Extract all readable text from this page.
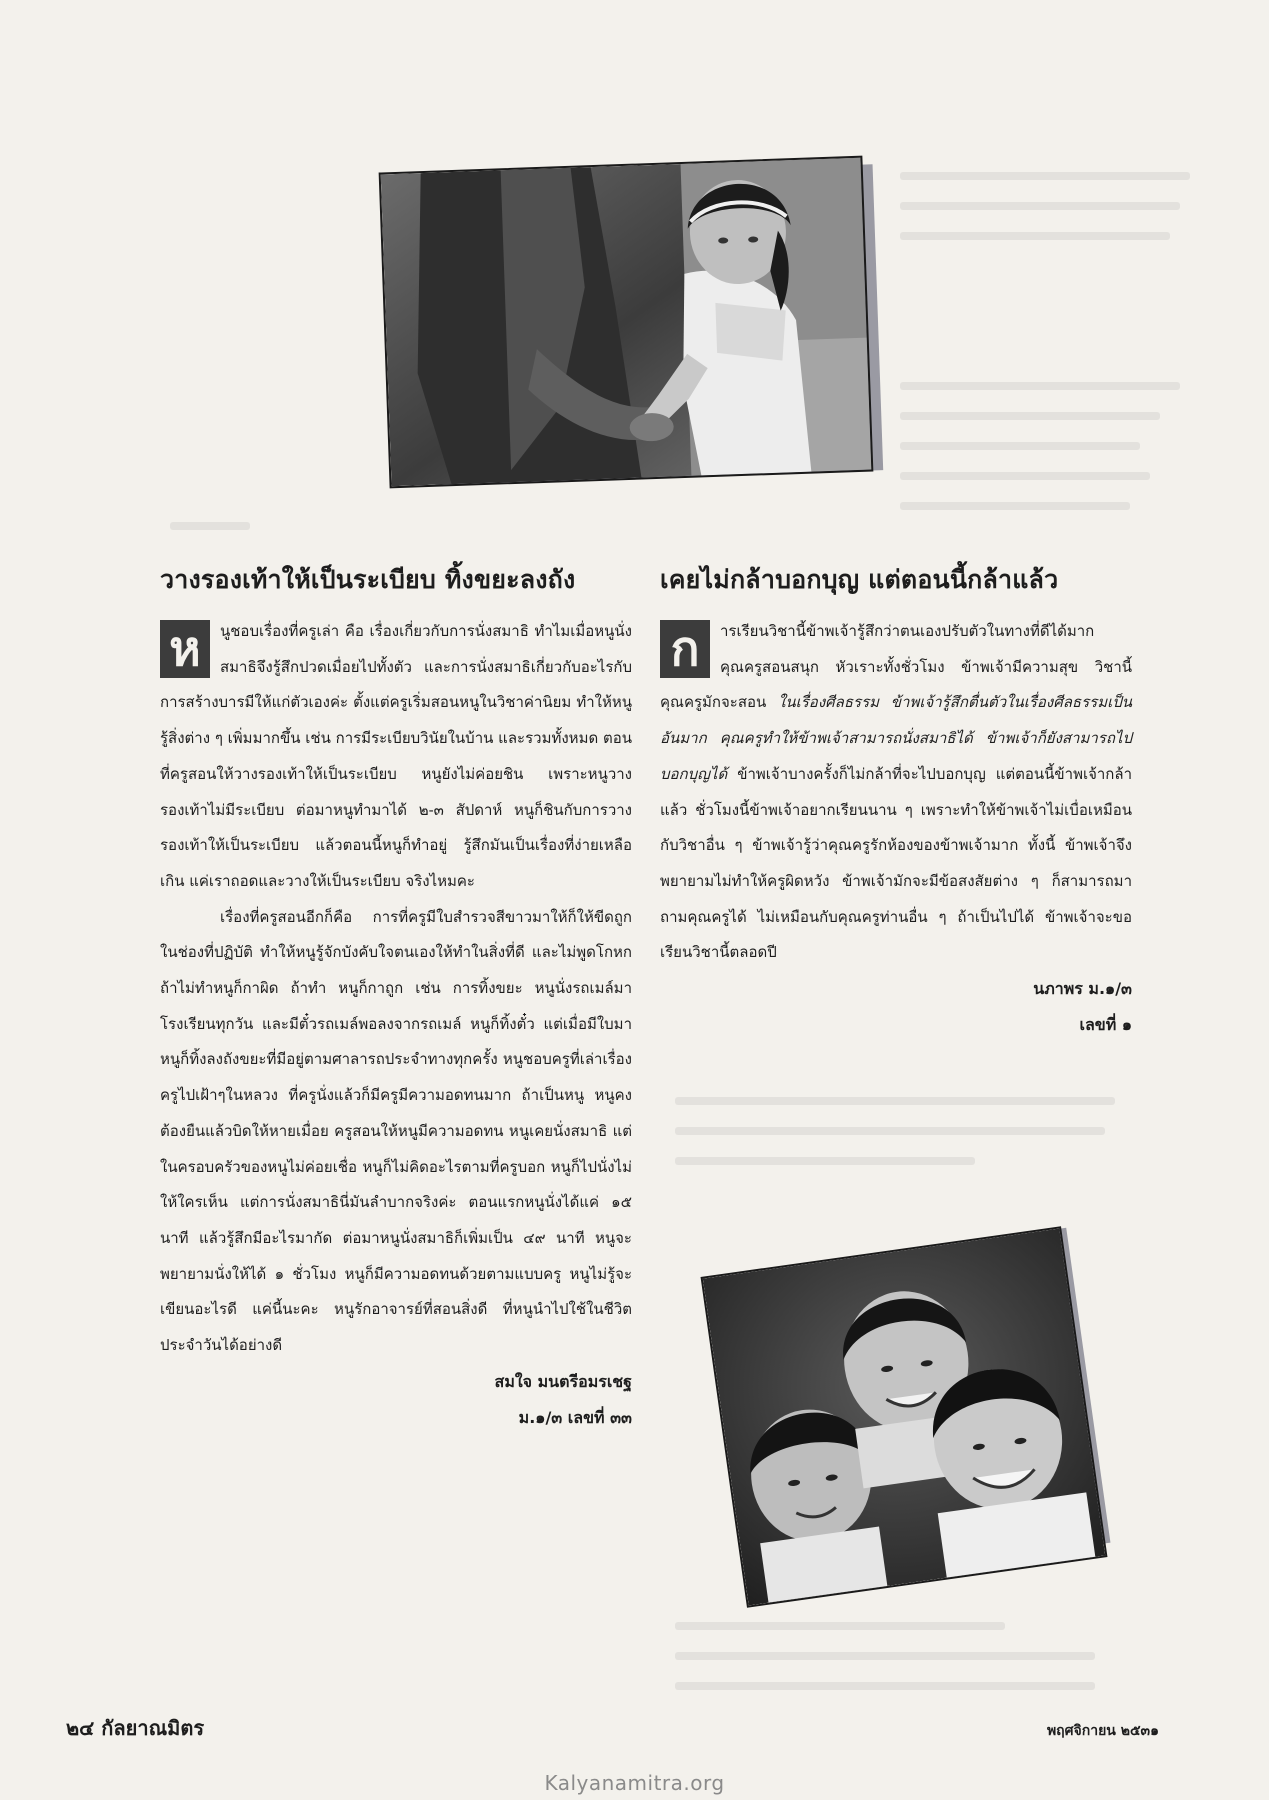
วางรองเท้าให้เป็นระเบียบ ทิ้งขยะลงถัง
ห	นูชอบเรื่องที่ครูเล่า คือ เรื่องเกี่ยวกับการนั่งสมาธิ ทำไมเมื่อหนูนั่งสมาธิจึงรู้สึกปวดเมื่อยไปทั้งตัว และการนั่งสมาธิเกี่ยวกับอะไรกับการสร้างบารมีให้แก่ตัวเองค่ะ ตั้งแต่ครูเริ่มสอนหนูในวิชาค่านิยม ทำให้หนูรู้สิ่งต่าง ๆ เพิ่มมากขึ้น เช่น การมีระเบียบวินัยในบ้าน และรวมทั้งหมด ตอนที่ครูสอนให้วางรองเท้าให้เป็นระเบียบ หนูยังไม่ค่อยชิน เพราะหนูวางรองเท้าไม่มีระเบียบ ต่อมาหนูทำมาได้ ๒-๓ สัปดาห์ หนูก็ชินกับการวางรองเท้าให้เป็นระเบียบ แล้วตอนนี้หนูก็ทำอยู่ รู้สึกมันเป็นเรื่องที่ง่ายเหลือเกิน แค่เราถอดและวางให้เป็นระเบียบ จริงไหมคะ

เรื่องที่ครูสอนอีกก็คือ การที่ครูมีใบสำรวจสีขาวมาให้ก็ให้ขีดถูกในช่องที่ปฏิบัติ ทำให้หนูรู้จักบังคับใจตนเองให้ทำในสิ่งที่ดี และไม่พูดโกหก ถ้าไม่ทำหนูก็กาผิด ถ้าทำ หนูก็กาถูก เช่น การทิ้งขยะ หนูนั่งรถเมล์มาโรงเรียนทุกวัน และมีตั๋วรถเมล์พอลงจากรถเมล์ หนูก็ทิ้งตั๋ว แต่เมื่อมีใบมาหนูก็ทิ้งลงถังขยะที่มีอยู่ตามศาลารถประจำทางทุกครั้ง หนูชอบครูที่เล่าเรื่องครูไปเฝ้าๆในหลวง ที่ครูนั่งแล้วก็มีครูมีความอดทนมาก ถ้าเป็นหนู หนูคงต้องยืนแล้วบิดให้หายเมื่อย ครูสอนให้หนูมีความอดทน หนูเคยนั่งสมาธิ แต่ในครอบครัวของหนูไม่ค่อยเชื่อ หนูก็ไม่คิดอะไรตามที่ครูบอก หนูก็ไปนั่งไม่ให้ใครเห็น แต่การนั่งสมาธินี่มันลำบากจริงค่ะ ตอนแรกหนูนั่งได้แค่ ๑๕ นาที แล้วรู้สึกมีอะไรมากัด ต่อมาหนูนั่งสมาธิก็เพิ่มเป็น ๔๙ นาที หนูจะพยายามนั่งให้ได้ ๑ ชั่วโมง หนูก็มีความอดทนด้วยตามแบบครู หนูไม่รู้จะเขียนอะไรดี แค่นี้นะคะ หนูรักอาจารย์ที่สอนสิ่งดี ที่หนูนำไปใช้ในชีวิตประจำวันได้อย่างดี

สมใจ มนตรีอมรเชฐ

ม.๑/๓ เลขที่ ๓๓

เคยไม่กล้าบอกบุญ แต่ตอนนี้กล้าแล้ว
ก	ารเรียนวิชานี้ข้าพเจ้ารู้สึกว่าตนเองปรับตัวในทางที่ดีได้มาก คุณครูสอนสนุก หัวเราะทั้งชั่วโมง ข้าพเจ้ามีความสุข วิชานี้คุณครูมักจะสอน ในเรื่องศีลธรรม ข้าพเจ้ารู้สึกตื่นตัวในเรื่องศีลธรรมเป็นอันมาก คุณครูทำให้ข้าพเจ้าสามารถนั่งสมาธิได้ ข้าพเจ้าก็ยังสามารถไปบอกบุญได้ ข้าพเจ้าบางครั้งก็ไม่กล้าที่จะไปบอกบุญ แต่ตอนนี้ข้าพเจ้ากล้าแล้ว ชั่วโมงนี้ข้าพเจ้าอยากเรียนนาน ๆ เพราะทำให้ข้าพเจ้าไม่เบื่อเหมือนกับวิชาอื่น ๆ ข้าพเจ้ารู้ว่าคุณครูรักห้องของข้าพเจ้ามาก ทั้งนี้ ข้าพเจ้าจึงพยายามไม่ทำให้ครูผิดหวัง ข้าพเจ้ามักจะมีข้อสงสัยต่าง ๆ ก็สามารถมาถามคุณครูได้ ไม่เหมือนกับคุณครูท่านอื่น ๆ ถ้าเป็นไปได้ ข้าพเจ้าจะขอเรียนวิชานี้ตลอดปี

นภาพร ม.๑/๓

เลขที่ ๑

๒๔ กัลยาณมิตร	พฤศจิกายน ๒๕๓๑
Kalyanamitra.org
